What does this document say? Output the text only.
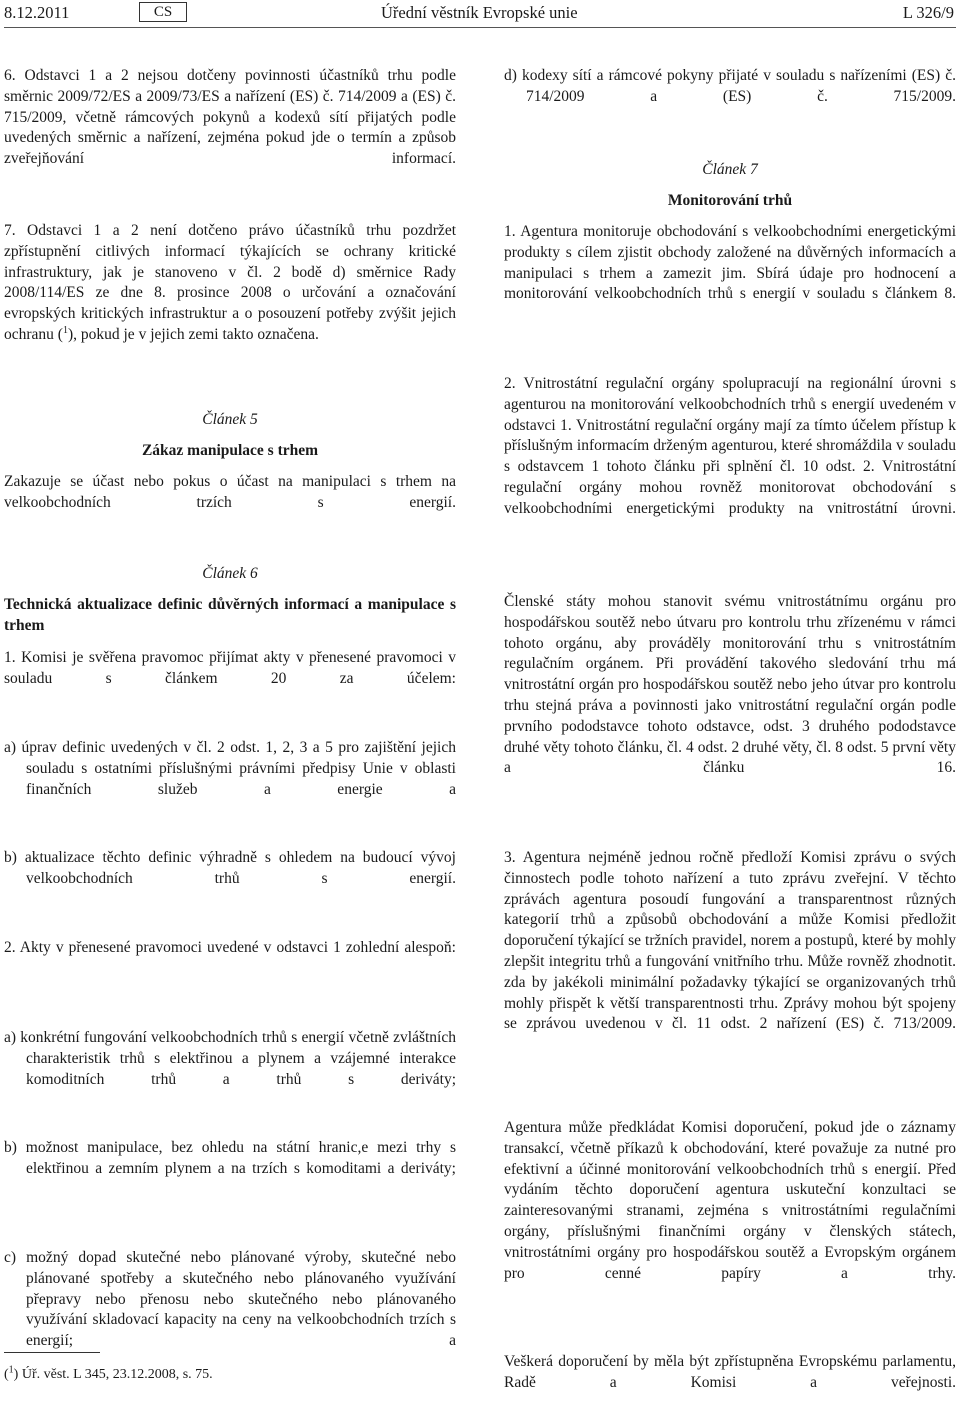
8.12.2011	CS	Úřední věstník Evropské unie	L 326/9

6. Odstavci 1 a 2 nejsou dotčeny povinnosti účastníků trhu podle směrnic 2009/72/ES a 2009/73/ES a nařízení (ES) č. 714/2009 a (ES) č. 715/2009, včetně rámcových pokynů a kodexů sítí přijatých podle uvedených směrnic a nařízení, zejména pokud jde o termín a způsob zveřejňování informací.

7. Odstavci 1 a 2 není dotčeno právo účastníků trhu pozdržet zpřístupnění citlivých informací týkajících se ochrany kritické infrastruktury, jak je stanoveno v čl. 2 bodě d) směrnice Rady 2008/114/ES ze dne 8. prosince 2008 o určování a označování evropských kritických infrastruktur a o posouzení potřeby zvýšit jejich ochranu ($^1$), pokud je v jejich zemi takto označena.

Článek 5

Zákaz manipulace s trhem

Zakazuje se účast nebo pokus o účast na manipulaci s trhem na velkoobchodních trzích s energií.

Článek 6

Technická aktualizace definic důvěrných informací a manipulace s trhem

1. Komisi je svěřena pravomoc přijímat akty v přenesené pravomoci v souladu s článkem 20 za účelem:

a) úprav definic uvedených v čl. 2 odst. 1, 2, 3 a 5 pro zajištění jejich souladu s ostatními příslušnými právními předpisy Unie v oblasti finančních služeb a energie a

b) aktualizace těchto definic výhradně s ohledem na budoucí vývoj velkoobchodních trhů s energií.

2. Akty v přenesené pravomoci uvedené v odstavci 1 zohlední alespoň:

a) konkrétní fungování velkoobchodních trhů s energií včetně zvláštních charakteristik trhů s elektřinou a plynem a vzájemné interakce komoditních trhů a trhů s deriváty;

b) možnost manipulace, bez ohledu na státní hranic,e mezi trhy s elektřinou a zemním plynem a na trzích s komoditami a deriváty;

c) možný dopad skutečné nebo plánované výroby, skutečné nebo plánované spotřeby a skutečného nebo plánovaného využívání přepravy nebo přenosu nebo skutečného nebo plánovaného využívání skladovací kapacity na ceny na velkoobchodních trzích s energií; a

($^1$) Úř. věst. L 345, 23.12.2008, s. 75.

d) kodexy sítí a rámcové pokyny přijaté v souladu s nařízeními (ES) č. 714/2009 a (ES) č. 715/2009.

Článek 7

Monitorování trhů

1. Agentura monitoruje obchodování s velkoobchodními energetickými produkty s cílem zjistit obchody založené na důvěrných informacích a manipulaci s trhem a zamezit jim. Sbírá údaje pro hodnocení a monitorování velkoobchodních trhů s energií v souladu s článkem 8.

2. Vnitrostátní regulační orgány spolupracují na regionální úrovni s agenturou na monitorování velkoobchodních trhů s energií uvedeném v odstavci 1. Vnitrostátní regulační orgány mají za tímto účelem přístup k příslušným informacím drženým agenturou, které shromáždila v souladu s odstavcem 1 tohoto článku při splnění čl. 10 odst. 2. Vnitrostátní regulační orgány mohou rovněž monitorovat obchodování s velkoobchodními energetickými produkty na vnitrostátní úrovni.

Členské státy mohou stanovit svému vnitrostátnímu orgánu pro hospodářskou soutěž nebo útvaru pro kontrolu trhu zřízenému v rámci tohoto orgánu, aby prováděly monitorování trhu s vnitrostátním regulačním orgánem. Při provádění takového sledování trhu má vnitrostátní orgán pro hospodářskou soutěž nebo jeho útvar pro kontrolu trhu stejná práva a povinnosti jako vnitrostátní regulační orgán podle prvního pododstavce tohoto odstavce, odst. 3 druhého pododstavce druhé věty tohoto článku, čl. 4 odst. 2 druhé věty, čl. 8 odst. 5 první věty a článku 16.

3. Agentura nejméně jednou ročně předloží Komisi zprávu o svých činnostech podle tohoto nařízení a tuto zprávu zveřejní. V těchto zprávách agentura posoudí fungování a transparentnost různých kategorií trhů a způsobů obchodování a může Komisi předložit doporučení týkající se tržních pravidel, norem a postupů, které by mohly zlepšit integritu trhů a fungování vnitřního trhu. Může rovněž zhodnotit. zda by jakékoli minimální požadavky týkající se organizovaných trhů mohly přispět k větší transparentnosti trhu. Zprávy mohou být spojeny se zprávou uvedenou v čl. 11 odst. 2 nařízení (ES) č. 713/2009.

Agentura může předkládat Komisi doporučení, pokud jde o záznamy transakcí, včetně příkazů k obchodování, které považuje za nutné pro efektivní a účinné monitorování velkoobchodních trhů s energií. Před vydáním těchto doporučení agentura uskuteční konzultaci se zainteresovanými stranami, zejména s vnitrostátními regulačními orgány, příslušnými finančními orgány v členských státech, vnitrostátními orgány pro hospodářskou soutěž a Evropským orgánem pro cenné papíry a trhy.

Veškerá doporučení by měla být zpřístupněna Evropskému parlamentu, Radě a Komisi a veřejnosti.
